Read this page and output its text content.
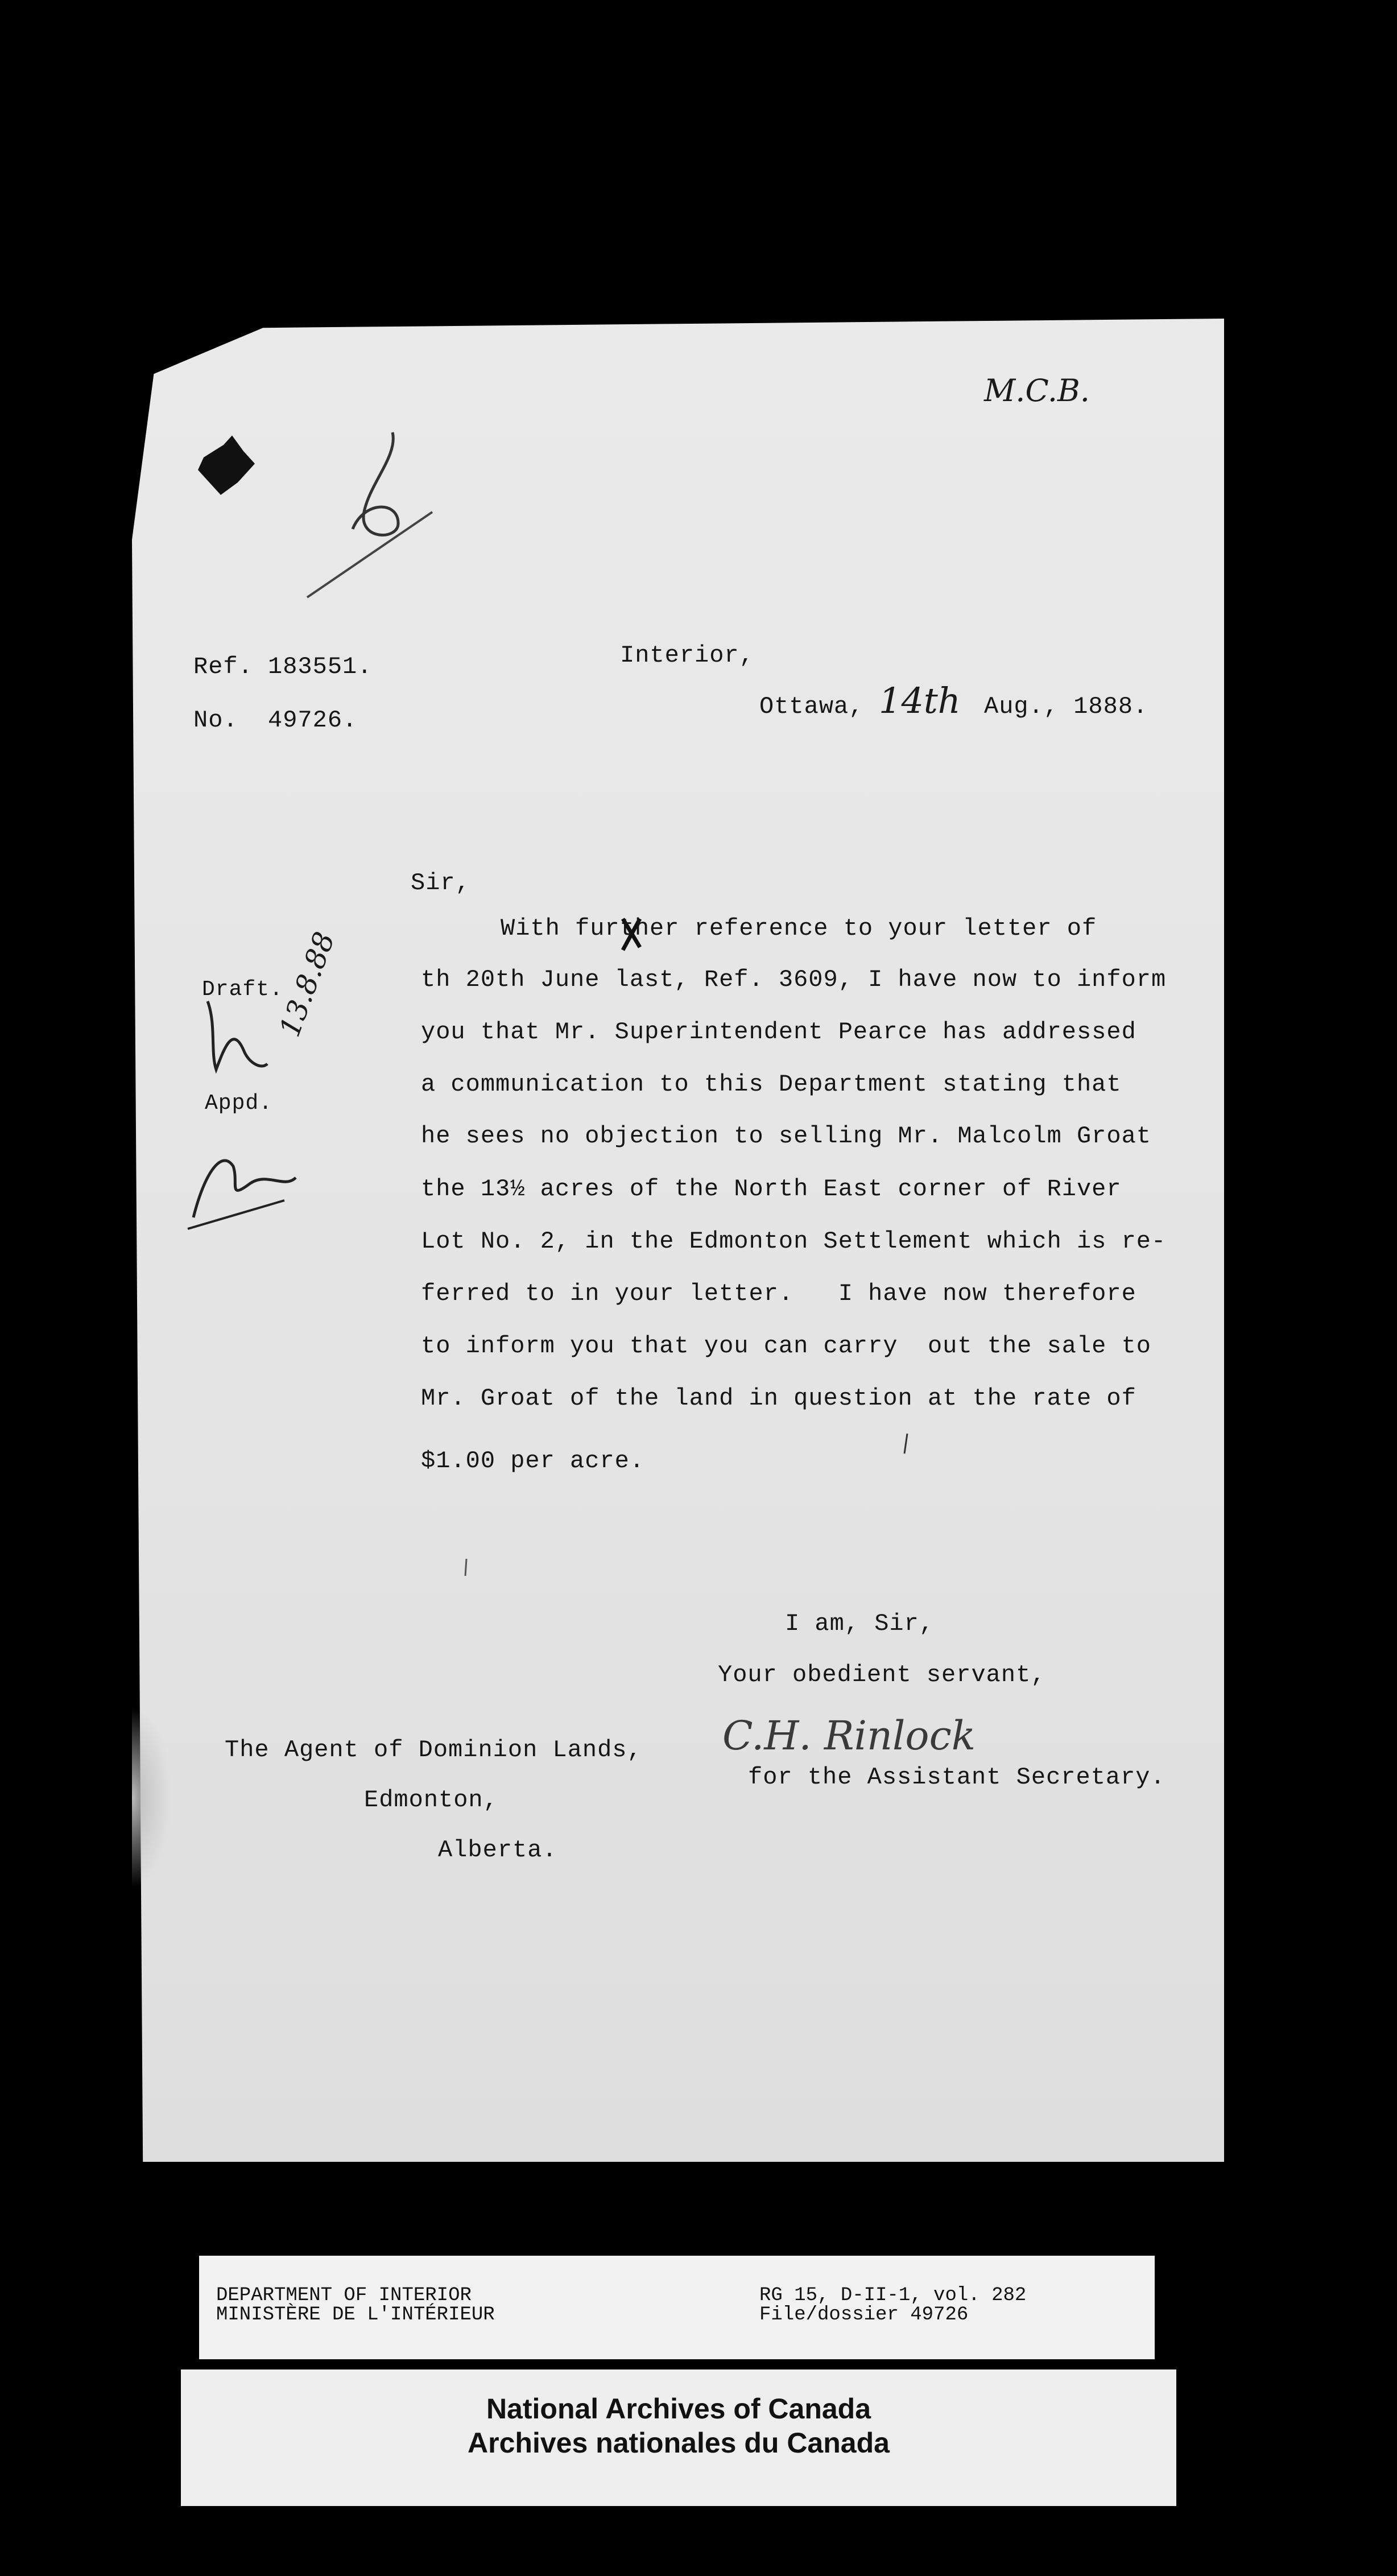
M.C.B.
Ref. 183551.
No.  49726.
Interior,
Ottawa, 14th Aug., 1888.
Draft.
Appd.
13.8.88
Sir,
With further reference to your letter of
th 20th June last, Ref. 3609, I have now to inform
you that Mr. Superintendent Pearce has addressed
a communication to this Department stating that
he sees no objection to selling Mr. Malcolm Groat
the 13½ acres of the North East corner of River
Lot No. 2, in the Edmonton Settlement which is re-
ferred to in your letter.   I have now therefore
to inform you that you can carry  out the sale to
Mr. Groat of the land in question at the rate of
$1.00 per acre.
I am, Sir,
Your obedient servant,
C.H. Rinlock
for the Assistant Secretary.
The Agent of Dominion Lands,
Edmonton,
Alberta.
DEPARTMENT OF INTERIOR
MINISTÈRE DE L'INTÉRIEUR
RG 15, D-II-1, vol. 282
File/dossier 49726
National Archives of Canada
Archives nationales du Canada
